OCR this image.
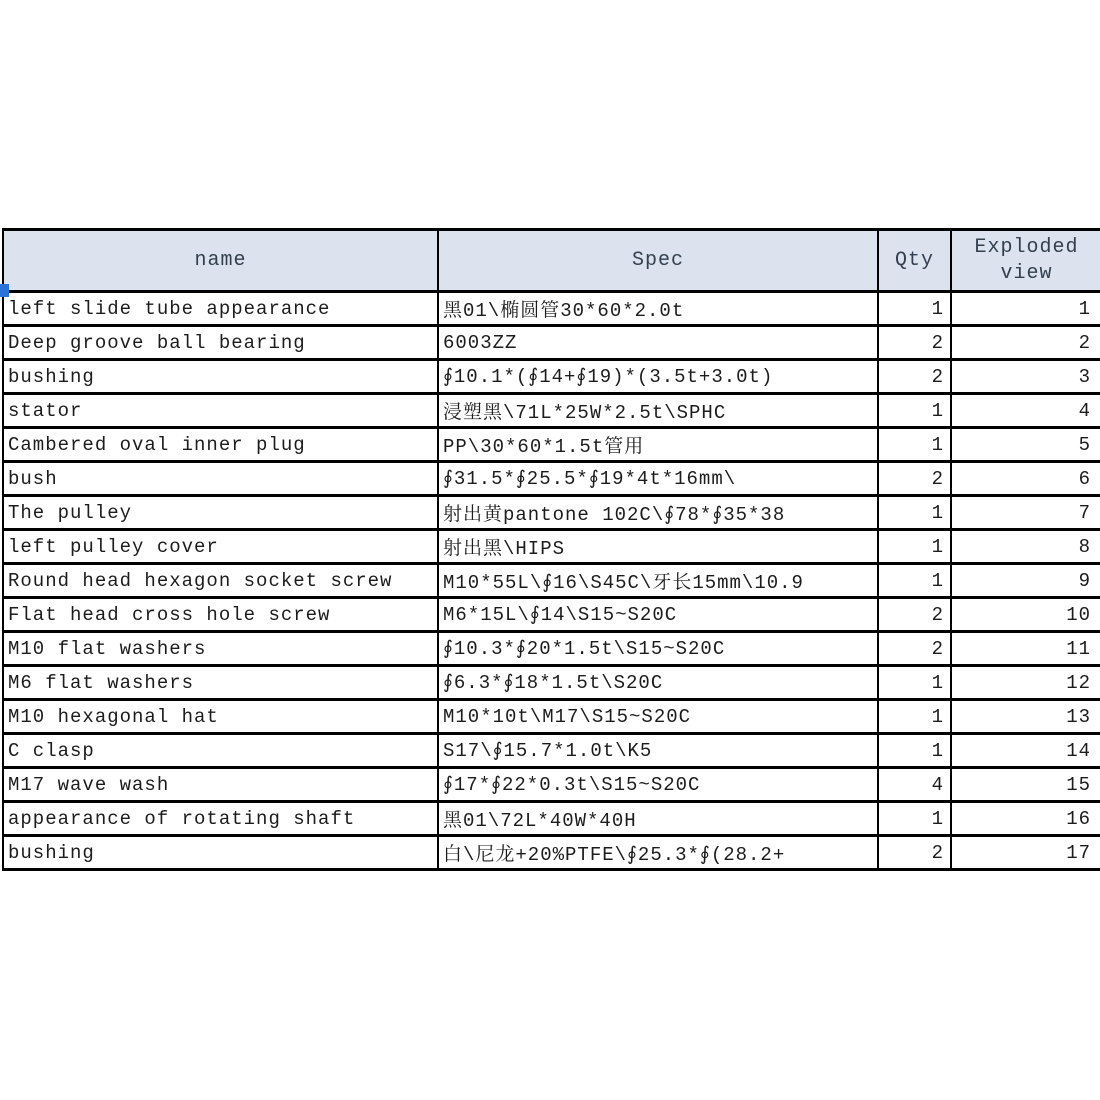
name	Spec	Qty	Exploded view
left slide tube appearance	黑01\椭圆管30*60*2.0t	1	1
Deep groove ball bearing	6003ZZ	2	2
bushing	∮10.1*(∮14+∮19)*(3.5t+3.0t)	2	3
stator	浸塑黑\71L*25W*2.5t\SPHC	1	4
Cambered oval inner plug	PP\30*60*1.5t管用	1	5
bush	∮31.5*∮25.5*∮19*4t*16mm\	2	6
The pulley	射出黄pantone 102C\∮78*∮35*38	1	7
left pulley cover	射出黑\HIPS	1	8
Round head hexagon socket screw	M10*55L\∮16\S45C\牙长15mm\10.9	1	9
Flat head cross hole screw	M6*15L\∮14\S15~S20C	2	10
M10 flat washers	∮10.3*∮20*1.5t\S15~S20C	2	11
M6 flat washers	∮6.3*∮18*1.5t\S20C	1	12
M10 hexagonal hat	M10*10t\M17\S15~S20C	1	13
C clasp	S17\∮15.7*1.0t\K5	1	14
M17 wave wash	∮17*∮22*0.3t\S15~S20C	4	15
appearance of rotating shaft	黑01\72L*40W*40H	1	16
bushing	白\尼龙+20%PTFE\∮25.3*∮(28.2+	2	17
